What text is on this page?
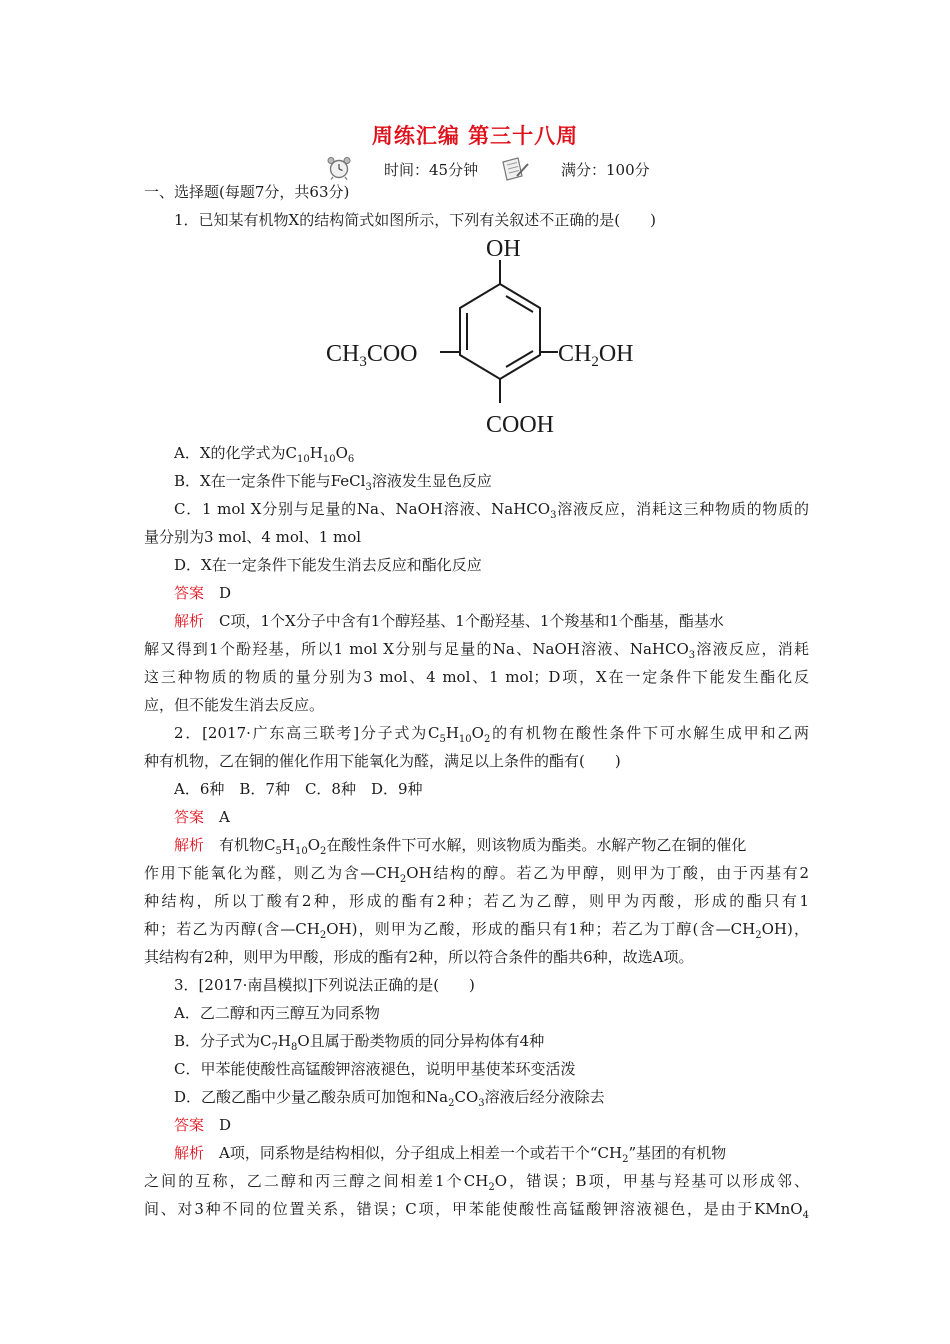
周练汇编 第三十八周
时间：45分钟	满分：100分
一、选择题(每题7分，共63分)
1．已知某有机物X的结构简式如图所示，下列有关叙述不正确的是(　　)
OH
$CH_3COO$	$CH_2OH$
COOH
A．X的化学式为$C_{10}H_{10}O_6$
B．X在一定条件下能与FeCl$_3$溶液发生显色反应
C．1 mol X分别与足量的Na、NaOH溶液、NaHCO$_3$溶液反应，消耗这三种物质的物质的
量分别为3 mol、4 mol、1 mol
D．X在一定条件下能发生消去反应和酯化反应
答案　 D
解析　 C项，1个X分子中含有1个醇羟基、1个酚羟基、1个羧基和1个酯基，酯基水
解又得到1个酚羟基，所以1 mol X分别与足量的Na、NaOH溶液、NaHCO$_3$溶液反应，消耗
这三种物质的物质的量分别为3 mol、4 mol、1 mol；D项，X在一定条件下能发生酯化反
应，但不能发生消去反应。
2．[2017·广东高三联考]分子式为$C_5H_{10}O_2$的有机物在酸性条件下可水解生成甲和乙两
种有机物，乙在铜的催化作用下能氧化为醛，满足以上条件的酯有(　　)
A．6种　B．7种　C．8种　D．9种
答案　 A
解析　 有机物$C_5H_{10}O_2$在酸性条件下可水解，则该物质为酯类。水解产物乙在铜的催化
作用下能氧化为醛，则乙为含$—CH_2OH$结构的醇。若乙为甲醇，则甲为丁酸，由于丙基有2
种结构，所以丁酸有2种，形成的酯有2种；若乙为乙醇，则甲为丙酸，形成的酯只有1
种；若乙为丙醇(含$—CH_2OH$)，则甲为乙酸，形成的酯只有1种；若乙为丁醇(含$—CH_2OH$)，
其结构有2种，则甲为甲酸，形成的酯有2种，所以符合条件的酯共6种，故选A项。
3．[2017·南昌模拟]下列说法正确的是(　　)
A．乙二醇和丙三醇互为同系物
B．分子式为$C_7H_8O$且属于酚类物质的同分异构体有4种
C．甲苯能使酸性高锰酸钾溶液褪色，说明甲基使苯环变活泼
D．乙酸乙酯中少量乙酸杂质可加饱和$Na_2CO_3$溶液后经分液除去
答案　 D
解析　 A项，同系物是结构相似，分子组成上相差一个或若干个“$CH_2$”基团的有机物
之间的互称，乙二醇和丙三醇之间相差1个$CH_2O$，错误；B项，甲基与羟基可以形成邻、
间、对3种不同的位置关系，错误；C项，甲苯能使酸性高锰酸钾溶液褪色，是由于KMnO$_4$
